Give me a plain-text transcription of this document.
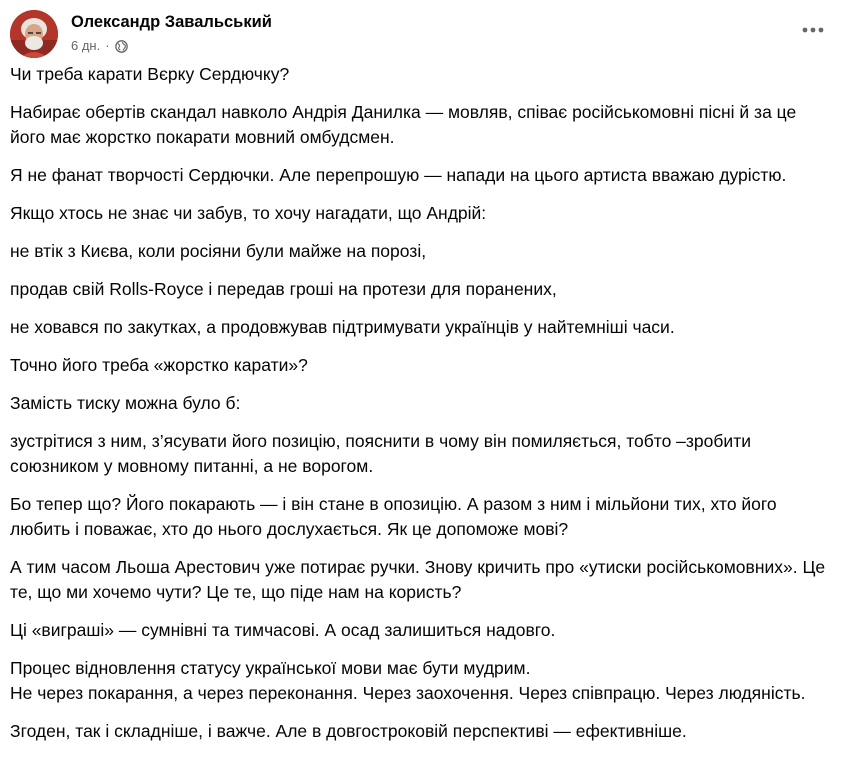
Олександр Завальський
6 дн. ·

Чи треба карати Вєрку Сердючку?

Набирає обертів скандал навколо Андрія Данилка — мовляв, співає російськомовні пісні й за це його має жорстко покарати мовний омбудсмен.

Я не фанат творчості Сердючки. Але перепрошую — напади на цього артиста вважаю дурістю.

Якщо хтось не знає чи забув, то хочу нагадати, що Андрій:

не втік з Києва, коли росіяни були майже на порозі,

продав свій Rolls-Royce і передав гроші на протези для поранених,

не ховався по закутках, а продовжував підтримувати українців у найтемніші часи.

Точно його треба «жорстко карати»?

Замість тиску можна було б:

зустрітися з ним, з’ясувати його позицію, пояснити в чому він помиляється, тобто –зробити союзником у мовному питанні, а не ворогом.

Бо тепер що? Його покарають — і він стане в опозицію. А разом з ним і мільйони тих, хто його любить і поважає, хто до нього дослухається. Як це допоможе мові?

А тим часом Льоша Арестович уже потирає ручки. Знову кричить про «утиски російськомовних». Це те, що ми хочемо чути? Це те, що піде нам на користь?

Ці «виграші» — сумнівні та тимчасові. А осад залишиться надовго.

Процес відновлення статусу української мови має бути мудрим.
Не через покарання, а через переконання. Через заохочення. Через співпрацю. Через людяність.

Згоден, так і складніше, і важче. Але в довгостроковій перспективі — ефективніше.
